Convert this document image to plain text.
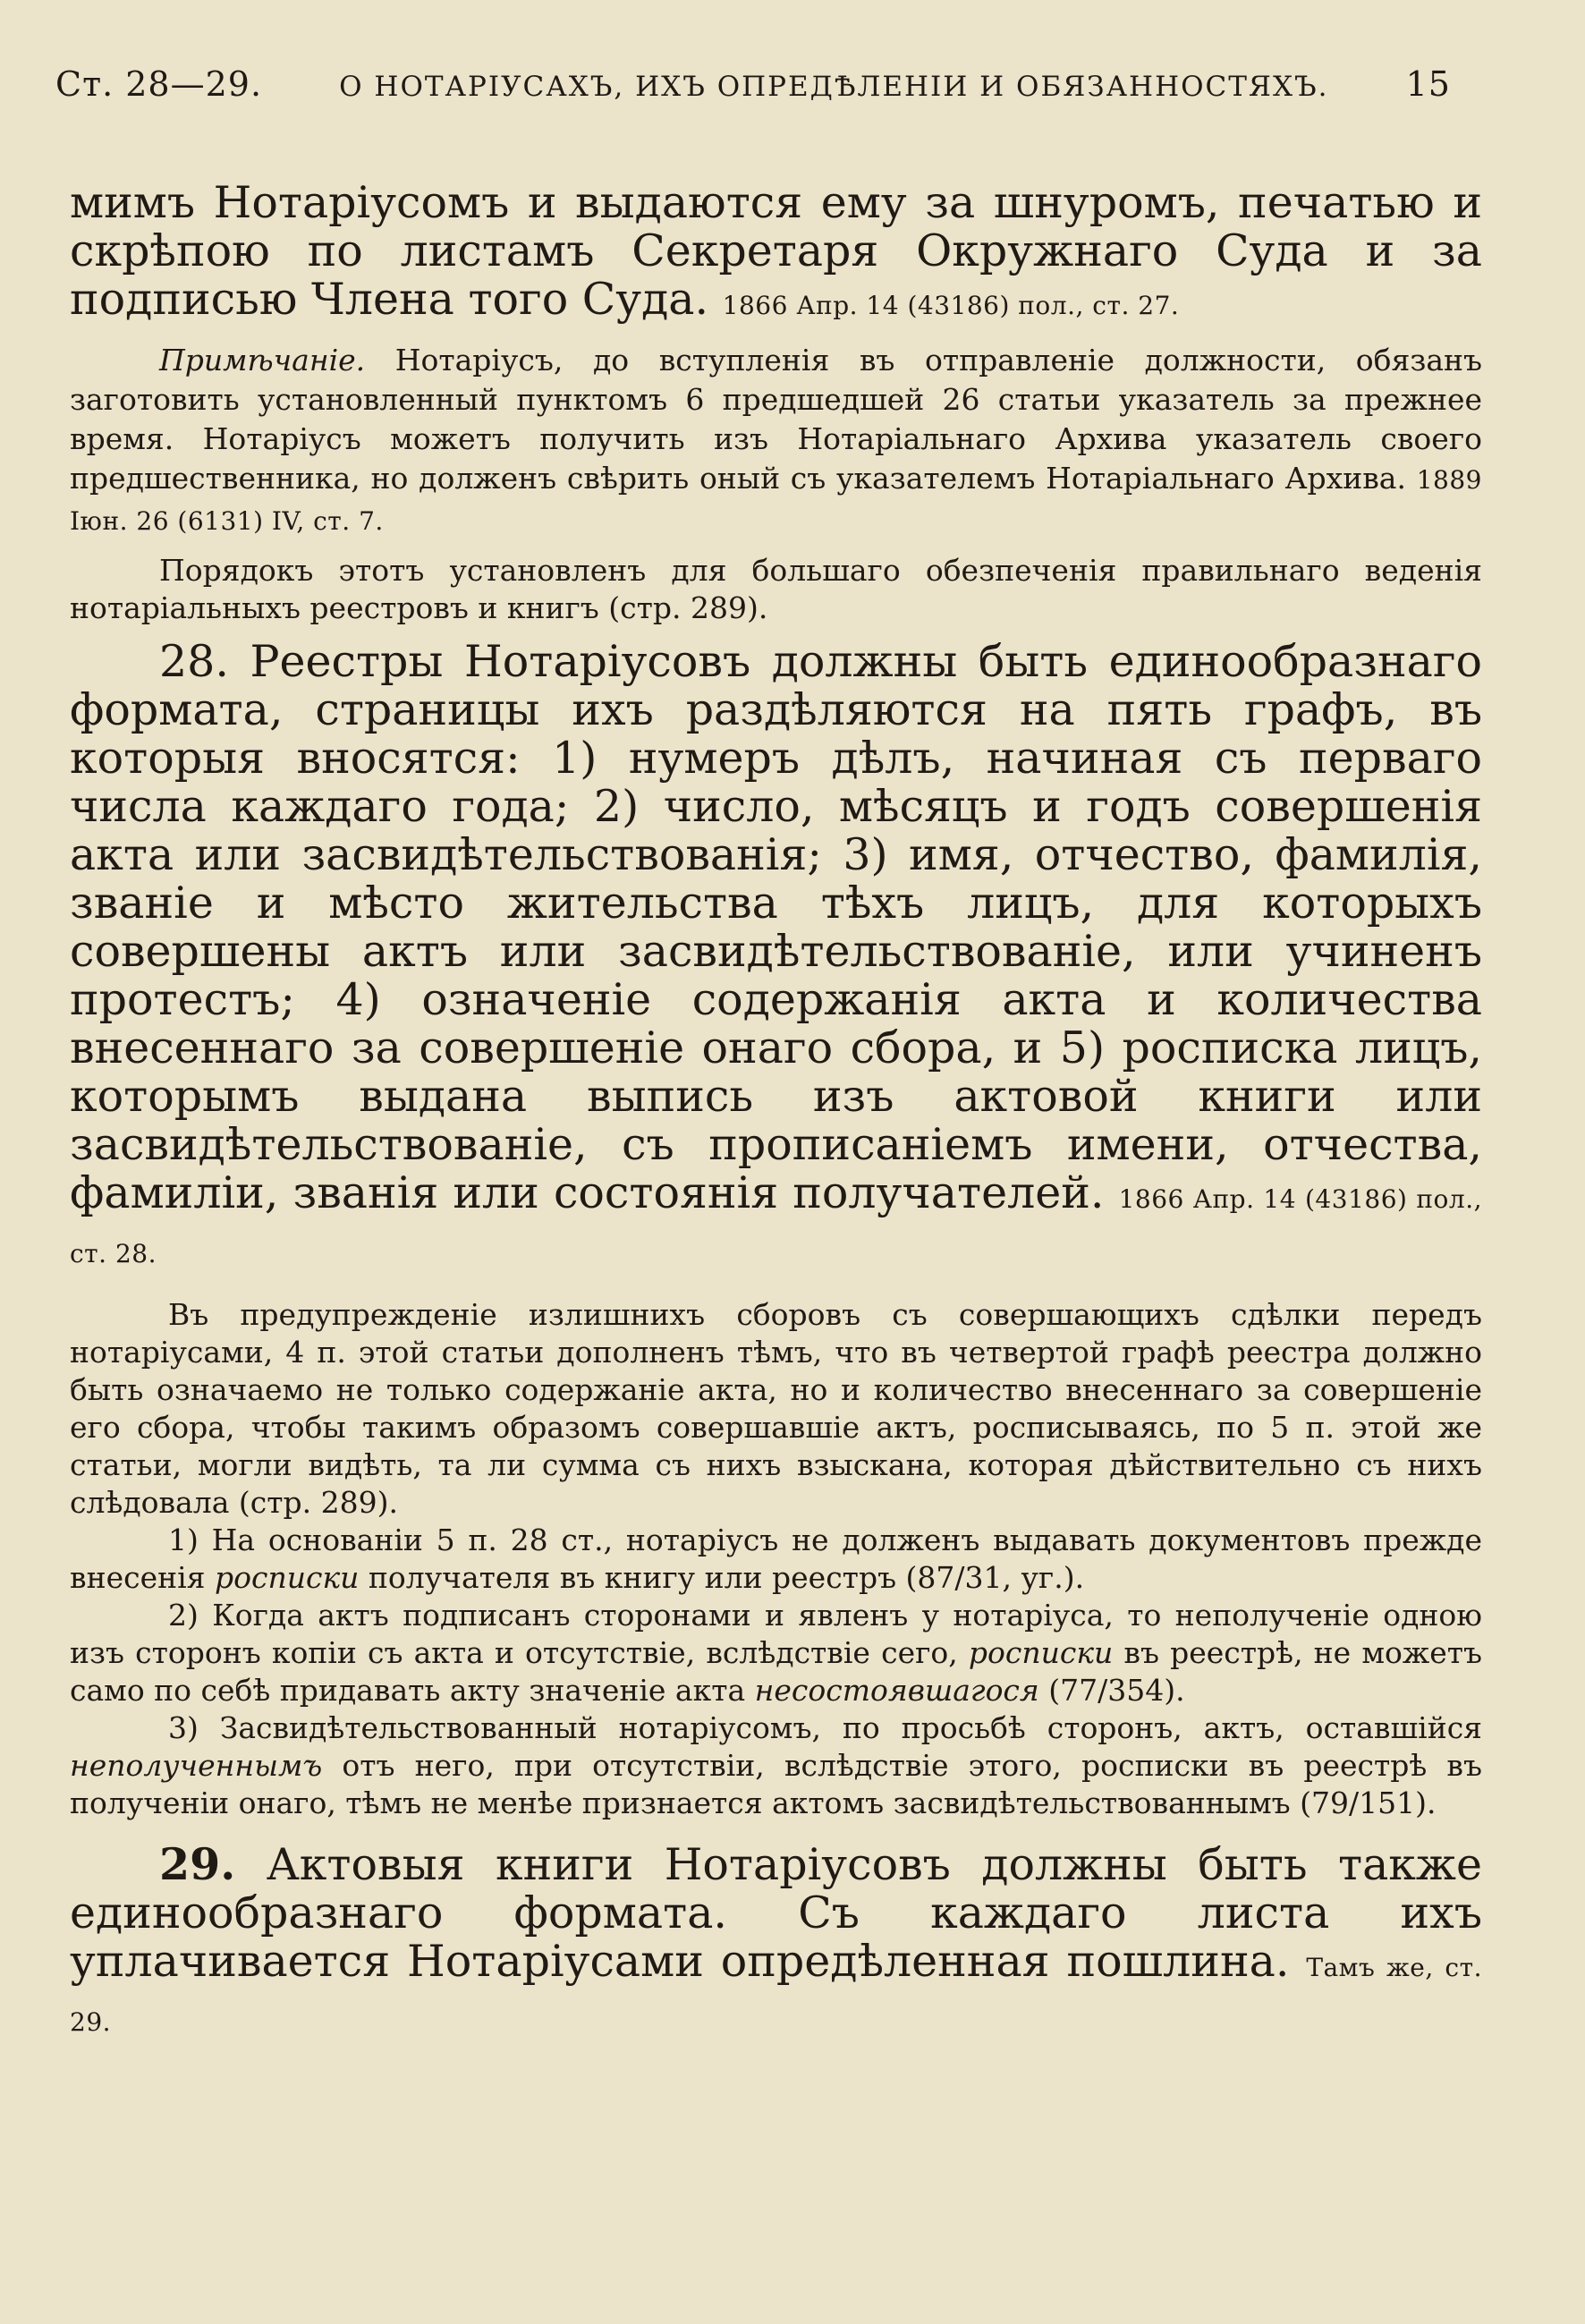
Ст. 28—29.	О НОТАРІУСАХЪ, ИХЪ ОПРЕДѢЛЕНІИ И ОБЯЗАННОСТЯХЪ. 15

мимъ Нотаріусомъ и выдаются ему за шнуромъ, печатью и скрѣпою по листамъ Секретаря Окружнаго Суда и за подписью Члена того Суда. 1866 Апр. 14 (43186) пол., ст. 27.

Примѣчаніе. Нотаріусъ, до вступленія въ отправленіе должности, обязанъ заготовить установленный пунктомъ 6 предшедшей 26 статьи указатель за прежнее время. Нотаріусъ можетъ получить изъ Нотаріальнаго Архива указатель своего предшественника, но долженъ свѣрить оный съ указателемъ Нотаріальнаго Архива. 1889 Іюн. 26 (6131) IV, ст. 7.

Порядокъ этотъ установленъ для большаго обезпеченія правильнаго веденія нотаріальныхъ реестровъ и книгъ (стр. 289).

28. Реестры Нотаріусовъ должны быть единообразнаго формата, страницы ихъ раздѣляются на пять графъ, въ которыя вносятся: 1) нумеръ дѣлъ, начиная съ перваго числа каждаго года; 2) число, мѣсяцъ и годъ совершенія акта или засвидѣтельствованія; 3) имя, отчество, фамилія, званіе и мѣсто жительства тѣхъ лицъ, для которыхъ совершены актъ или засвидѣтельствованіе, или учиненъ протестъ; 4) означеніе содержанія акта и количества внесеннаго за совершеніе онаго сбора, и 5) росписка лицъ, которымъ выдана выпись изъ актовой книги или засвидѣтельствованіе, съ прописаніемъ имени, отчества, фамиліи, званія или состоянія получателей. 1866 Апр. 14 (43186) пол., ст. 28.

Въ предупрежденіе излишнихъ сборовъ съ совершающихъ сдѣлки передъ нотаріусами, 4 п. этой статьи дополненъ тѣмъ, что въ четвертой графѣ реестра должно быть означаемо не только содержаніе акта, но и количество внесеннаго за совершеніе его сбора, чтобы такимъ образомъ совершавшіе актъ, росписываясь, по 5 п. этой же статьи, могли видѣть, та ли сумма съ нихъ взыскана, которая дѣйствительно съ нихъ слѣдовала (стр. 289).

1) На основаніи 5 п. 28 ст., нотаріусъ не долженъ выдавать документовъ прежде внесенія росписки получателя въ книгу или реестръ (87/31, уг.).

2) Когда актъ подписанъ сторонами и явленъ у нотаріуса, то неполученіе одною изъ сторонъ копіи съ акта и отсутствіе, вслѣдствіе сего, росписки въ реестрѣ, не можетъ само по себѣ придавать акту значеніе акта несостоявшагося (77/354).

3) Засвидѣтельствованный нотаріусомъ, по просьбѣ сторонъ, актъ, оставшійся неполученнымъ отъ него, при отсутствіи, вслѣдствіе этого, росписки въ реестрѣ въ полученіи онаго, тѣмъ не менѣе признается актомъ засвидѣтельствованнымъ (79/151).

29. Актовыя книги Нотаріусовъ должны быть также единообразнаго формата. Съ каждаго листа ихъ уплачивается Нотаріусами опредѣленная пошлина. Тамъ же, ст. 29.
